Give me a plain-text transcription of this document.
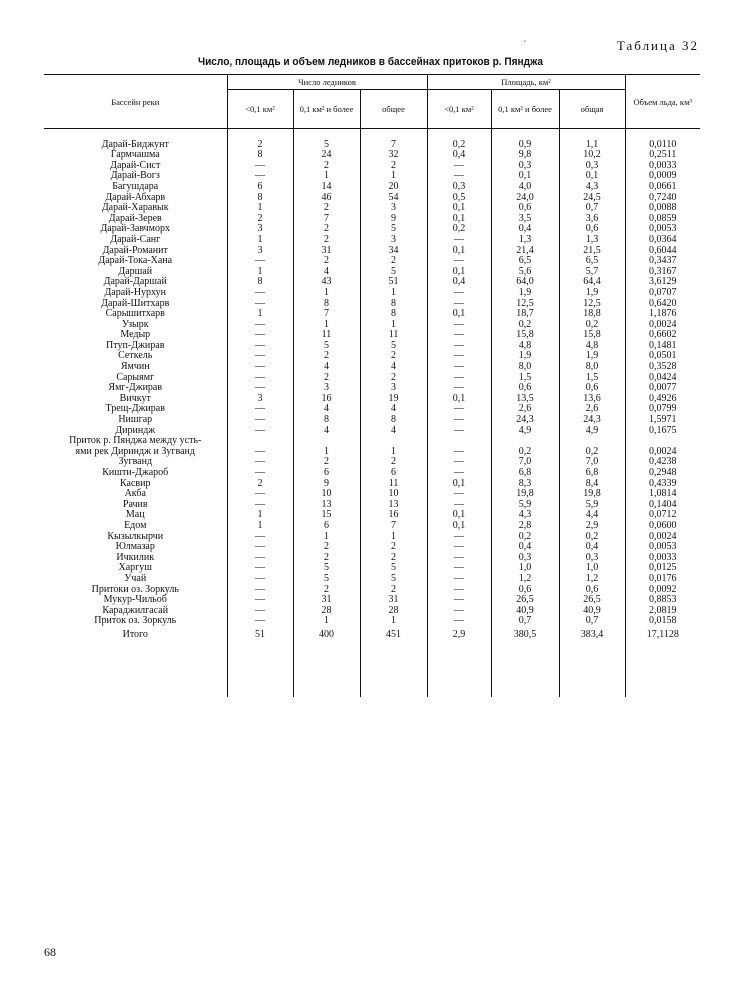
´	Таблица 32
Число, площадь и объем ледников в бассейнах притоков р. Пянджа
Бассейн реки	Число ледников			Площадь, км²			Объем льда, км³
	<0,1 км²	0,1 км² и более	общее	<0,1 км²	0,1 км² и более	общая	

Дарай-Биджунт	2	5	7	0,2	0,9	1,1	0,0110
Гармчашма	8	24	32	0,4	9,8	10,2	0,2511
Дарай-Сист	—	2	2	—	0,3	0,3	0,0033
Дарай-Вогз	—	1	1	—	0,1	0,1	0,0009
Багушдара	6	14	20	0,3	4,0	4,3	0,0661
Дарай-Абхарв	8	46	54	0,5	24,0	24,5	0,7240
Дарай-Харавык	1	2	3	0,1	0,6	0,7	0,0088
Дарай-Зерев	2	7	9	0,1	3,5	3,6	0,0859
Дарай-Завчморх	3	2	5	0,2	0,4	0,6	0,0053
Дарай-Санг	1	2	3	—	1,3	1,3	0,0364
Дарай-Романит	3	31	34	0,1	21,4	21,5	0,6044
Дарай-Тока-Хана	—	2	2	—	6,5	6,5	0,3437
Даршай	1	4	5	0,1	5,6	5,7	0,3167
Дарай-Даршай	8	43	51	0,4	64,0	64,4	3,6129
Дарай-Нурхун	—	1	1	—	1,9	1,9	0,0707
Дарай-Шитхарв	—	8	8	—	12,5	12,5	0,6420
Сарышитхарв	1	7	8	0,1	18,7	18,8	1,1876
Узырк	—	1	1	—	0,2	0,2	0,0024
Медыр	—	11	11	—	15,8	15,8	0,6602
Птуп-Джирав	—	5	5	—	4,8	4,8	0,1481
Сеткель	—	2	2	—	1,9	1,9	0,0501
Ямчин	—	4	4	—	8,0	8,0	0,3528
Сарыямг	—	2	2	—	1,5	1,5	0,0424
Ямг-Джирав	—	3	3	—	0,6	0,6	0,0077
Вичкут	3	16	19	0,1	13,5	13,6	0,4926
Трещ-Джирав	—	4	4	—	2,6	2,6	0,0799
Нишгар	—	8	8	—	24,3	24,3	1,5971
Дириндж	—	4	4	—	4,9	4,9	0,1675
Приток р. Пянджа между усть-							
ями рек Дириндж и Зугванд	—	1	1	—	0,2	0,2	0,0024
Зугванд	—	2	2	—	7,0	7,0	0,4238
Кишти-Джароб	—	6	6	—	6,8	6,8	0,2948
Касвир	2	9	11	0,1	8,3	8,4	0,4339
Акба	—	10	10	—	19,8	19,8	1,0814
Рачив	—	13	13	—	5,9	5,9	0,1404
Мац	1	15	16	0,1	4,3	4,4	0,0712
Едом	1	6	7	0,1	2,8	2,9	0,0600
Кызылкырчи	—	1	1	—	0,2	0,2	0,0024
Юлмазар	—	2	2	—	0,4	0,4	0,0053
Ичкилик	—	2	2	—	0,3	0,3	0,0033
Харгуш	—	5	5	—	1,0	1,0	0,0125
Учай	—	5	5	—	1,2	1,2	0,0176
Притоки оз. Зоркуль	—	2	2	—	0,6	0,6	0,0092
Мукур-Чильоб	—	31	31	—	26,5	26,5	0,8853
Караджилгасай	—	28	28	—	40,9	40,9	2,0819
Приток оз. Зоркуль	—	1	1	—	0,7	0,7	0,0158
Итого	51	400	451	2,9	380,5	383,4	17,1128

68
